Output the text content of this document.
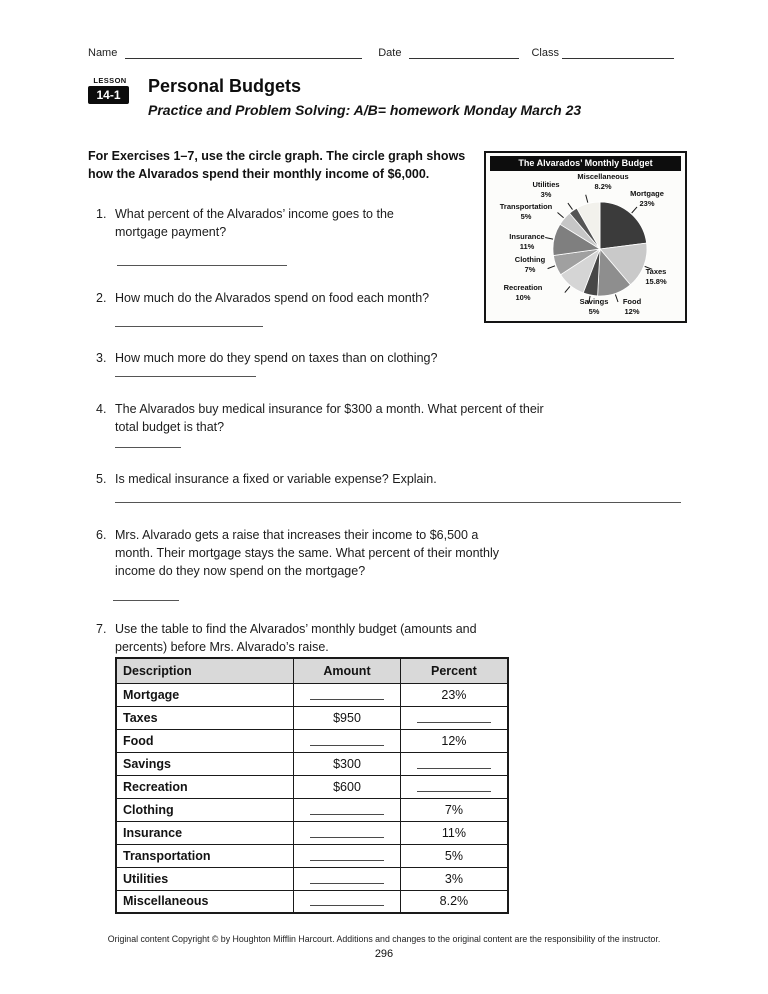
Name	Date	Class
LESSON
14-1	Personal Budgets
Practice and Problem Solving: A/B= homework Monday March 23
For Exercises 1–7, use the circle graph. The circle graph shows how the Alvarados spend their monthly income of $6,000.
1. What percent of the Alvarados’ income goes to the mortgage payment?
2. How much do the Alvarados spend on food each month?
3. How much more do they spend on taxes than on clothing?
4. The Alvarados buy medical insurance for $300 a month. What percent of their total budget is that?
5. Is medical insurance a fixed or variable expense? Explain.
6. Mrs. Alvarado gets a raise that increases their income to $6,500 a month. Their mortgage stays the same. What percent of their monthly income do they now spend on the mortgage?
7. Use the table to find the Alvarados’ monthly budget (amounts and percents) before Mrs. Alvarado’s raise.
The Alvarados’ Monthly Budget
Mortgage
23%
Taxes
15.8%
Food
12%
Savings
5%
Recreation
10%
Clothing
7%
Insurance
11%
Transportation
5%
Utilities
3%
Miscellaneous
8.2%
Description	Amount	Percent
Mortgage		23%
Taxes	$950	
Food		12%
Savings	$300	
Recreation	$600	
Clothing		7%
Insurance		11%
Transportation		5%
Utilities		3%
Miscellaneous		8.2%
Original content Copyright © by Houghton Mifflin Harcourt. Additions and changes to the original content are the responsibility of the instructor.
296
